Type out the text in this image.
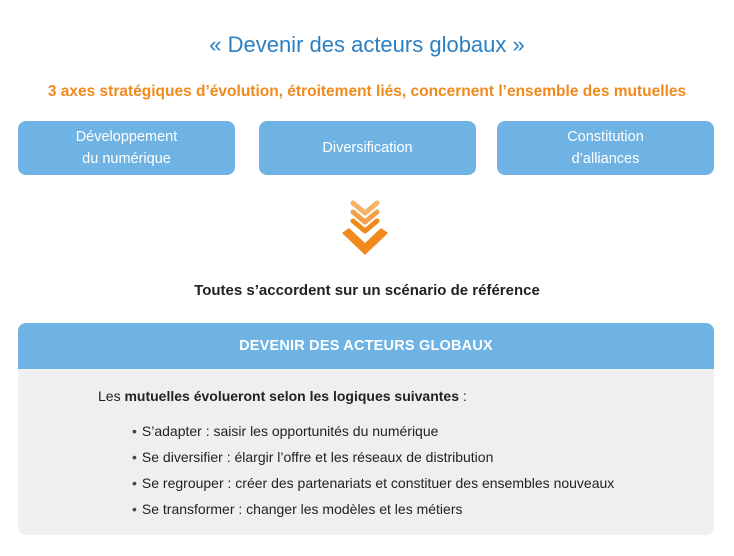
« Devenir des acteurs globaux »
3 axes stratégiques d’évolution, étroitement liés, concernent l’ensemble des mutuelles
Développement
du numérique
Diversification
Constitution
d’alliances
Toutes s’accordent sur un scénario de référence
DEVENIR DES ACTEURS GLOBAUX
Les mutuelles évolueront selon les logiques suivantes :
• S’adapter : saisir les opportunités du numérique
• Se diversifier : élargir l’offre et les réseaux de distribution
• Se regrouper : créer des partenariats et constituer des ensembles nouveaux
• Se transformer : changer les modèles et les métiers
